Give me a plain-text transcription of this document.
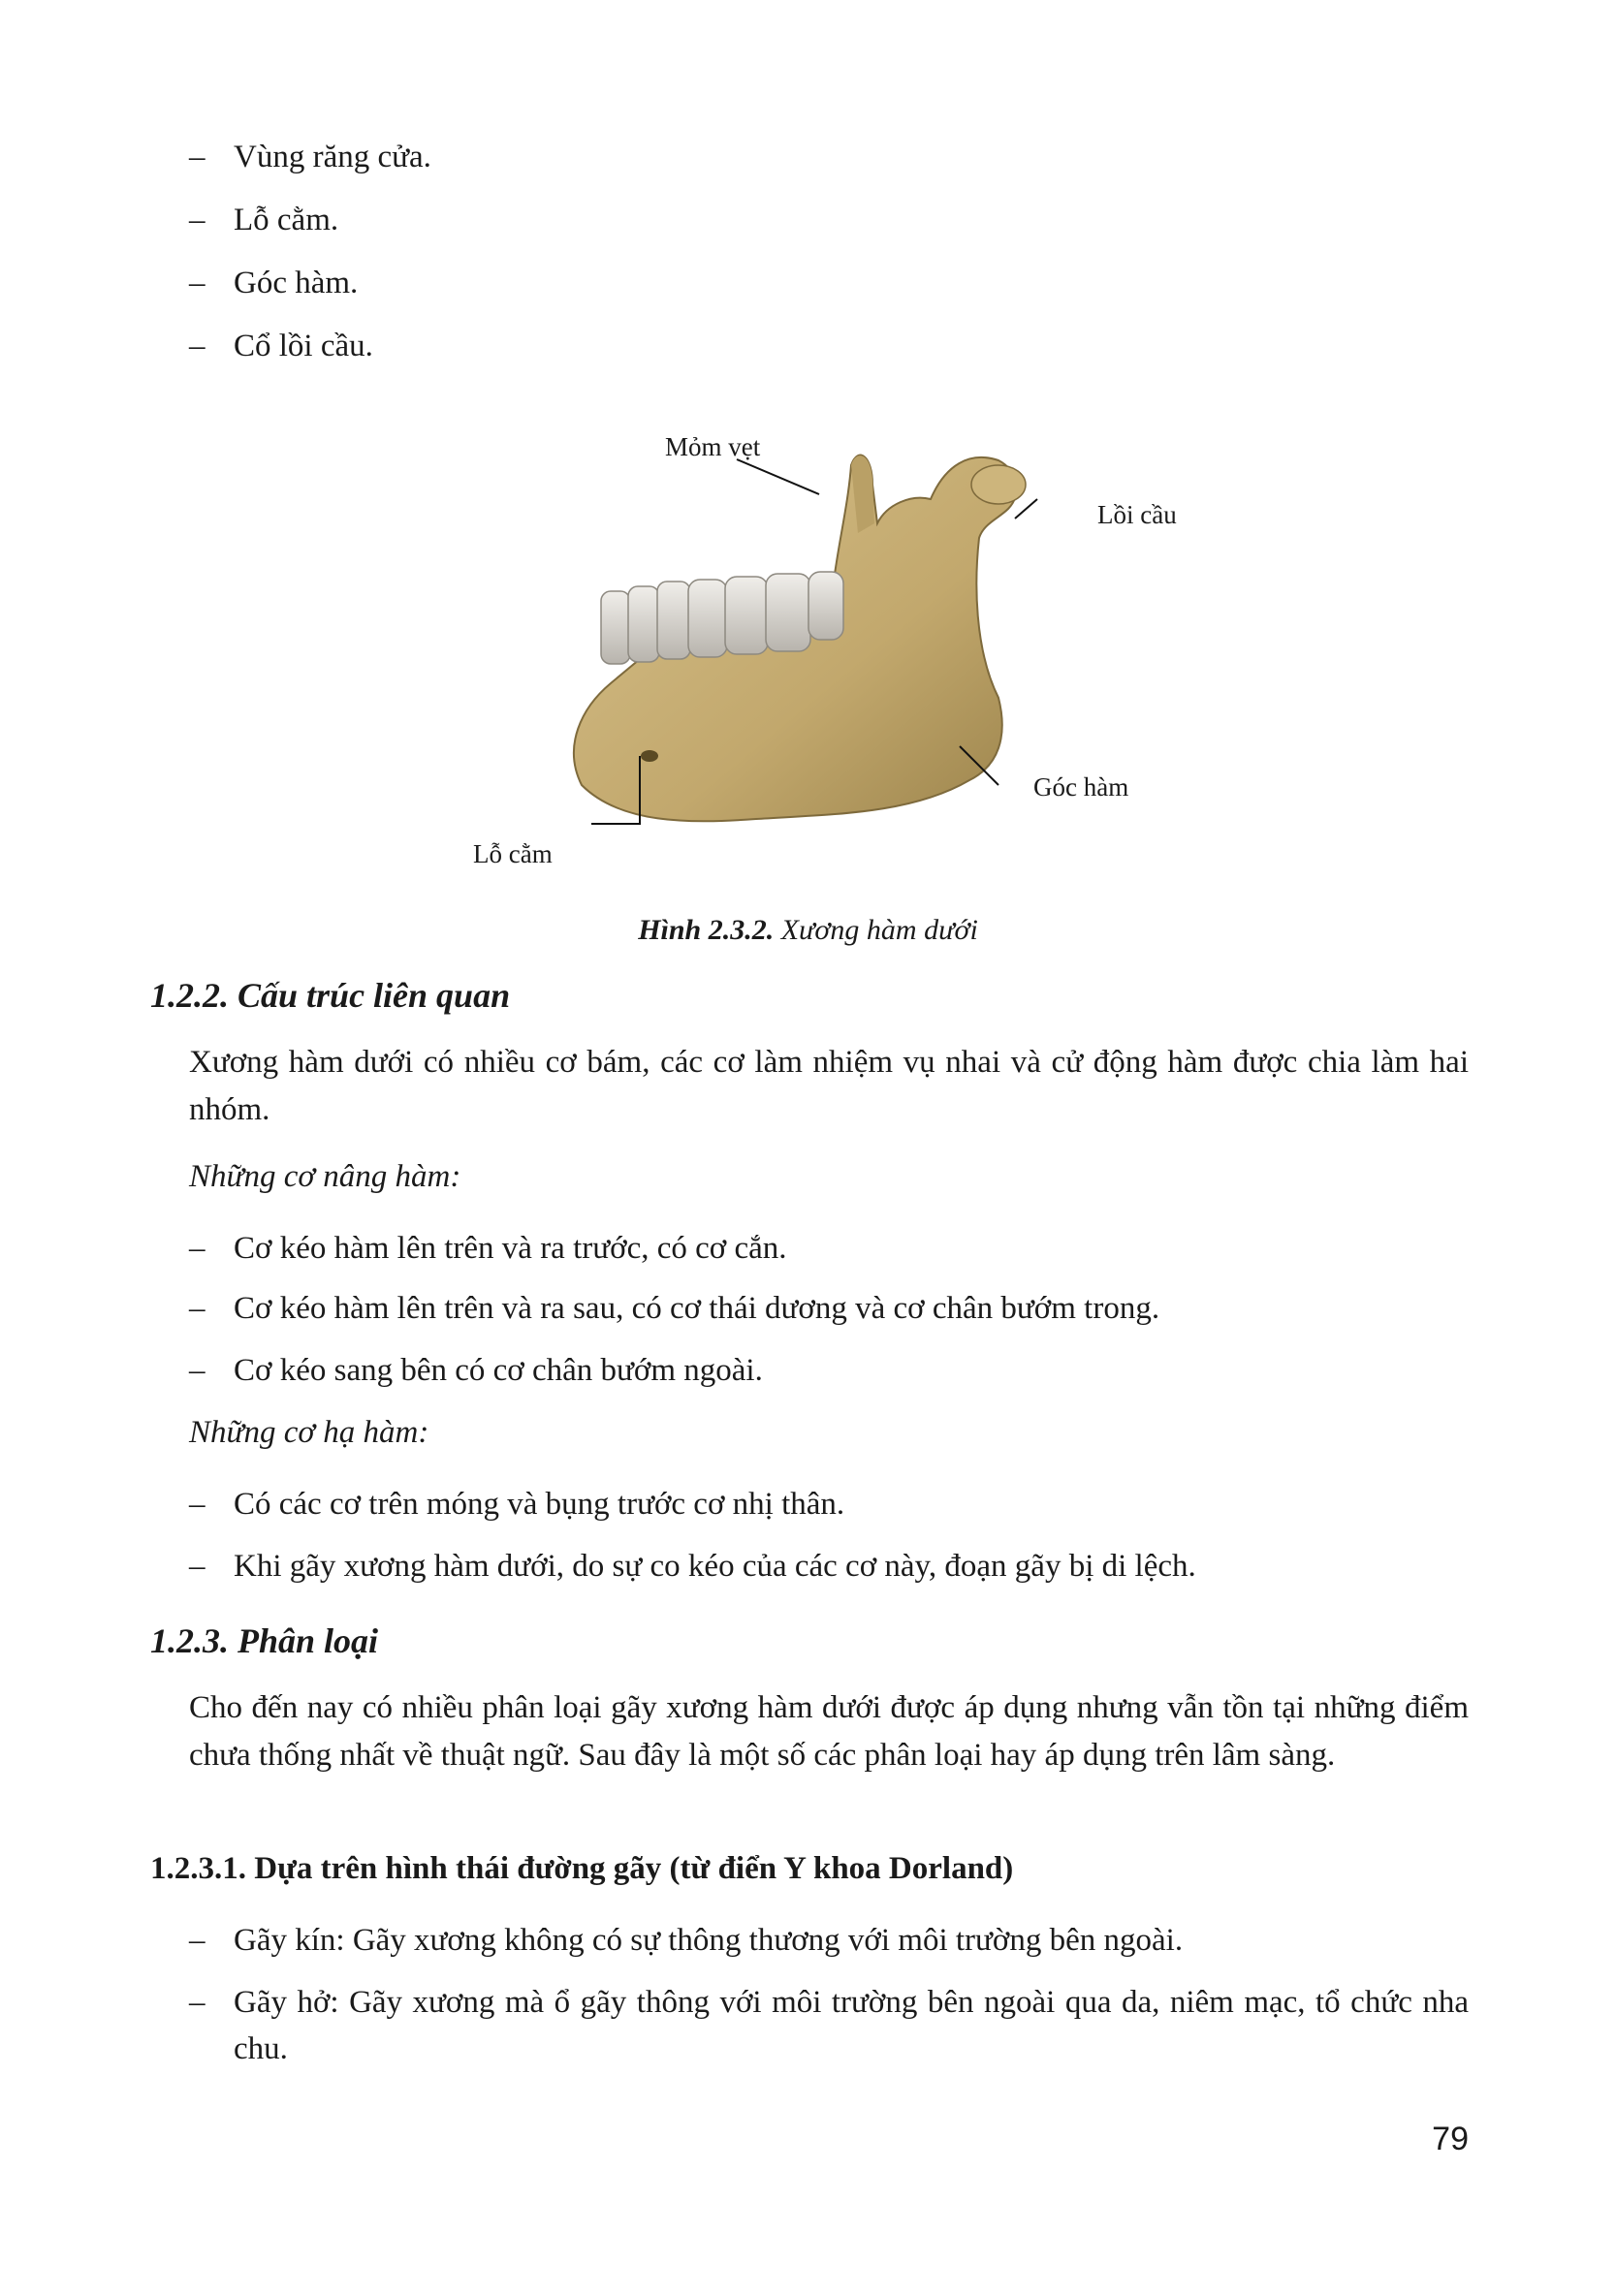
– Vùng răng cửa.
– Lỗ cằm.
– Góc hàm.
– Cổ lồi cầu.
Mỏm vẹt
Lồi cầu
Góc hàm
Lỗ cằm
Hình 2.3.2. Xương hàm dưới
1.2.2. Cấu trúc liên quan
Xương hàm dưới có nhiều cơ bám, các cơ làm nhiệm vụ nhai và cử động hàm được chia làm hai nhóm.
Những cơ nâng hàm:
– Cơ kéo hàm lên trên và ra trước, có cơ cắn.
– Cơ kéo hàm lên trên và ra sau, có cơ thái dương và cơ chân bướm trong.
– Cơ kéo sang bên có cơ chân bướm ngoài.
Những cơ hạ hàm:
– Có các cơ trên móng và bụng trước cơ nhị thân.
– Khi gãy xương hàm dưới, do sự co kéo của các cơ này, đoạn gãy bị di lệch.
1.2.3. Phân loại
Cho đến nay có nhiều phân loại gãy xương hàm dưới được áp dụng nhưng vẫn tồn tại những điểm chưa thống nhất về thuật ngữ. Sau đây là một số các phân loại hay áp dụng trên lâm sàng.
1.2.3.1. Dựa trên hình thái đường gãy (từ điển Y khoa Dorland)
– Gãy kín: Gãy xương không có sự thông thương với môi trường bên ngoài.
– Gãy hở: Gãy xương mà ổ gãy thông với môi trường bên ngoài qua da, niêm mạc, tổ chức nha chu.
79
